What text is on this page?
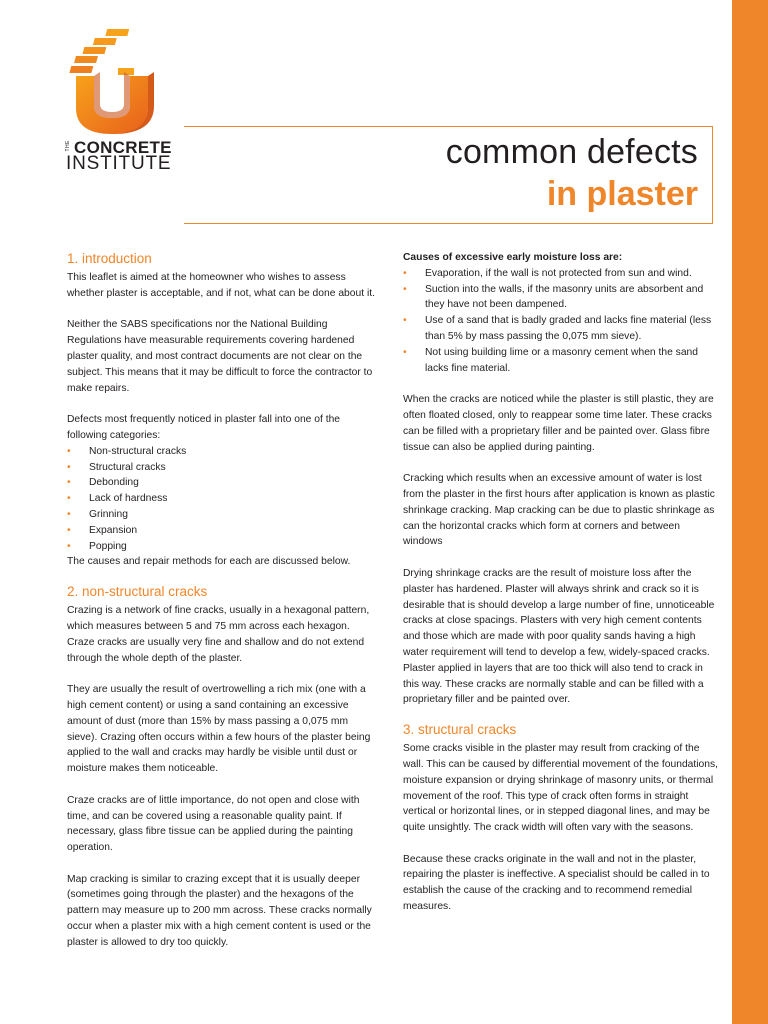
THE CONCRETE
INSTITUTE	common defects
in plaster
1. introduction

This leaflet is aimed at the homeowner who wishes to assess whether plaster is acceptable, and if not, what can be done about it.

Neither the SABS specifications nor the National Building Regulations have measurable requirements covering hardened plaster quality, and most contract documents are not clear on the subject. This means that it may be difficult to force the contractor to make repairs.

Defects most frequently noticed in plaster fall into one of the following categories:

• Non-structural cracks
• Structural cracks
• Debonding
• Lack of hardness
• Grinning
• Expansion
• Popping

The causes and repair methods for each are discussed below.

2. non-structural cracks

Crazing is a network of fine cracks, usually in a hexagonal pattern, which measures between 5 and 75 mm across each hexagon. Craze cracks are usually very fine and shallow and do not extend through the whole depth of the plaster.

They are usually the result of overtrowelling a rich mix (one with a high cement content) or using a sand containing an excessive amount of dust (more than 15% by mass passing a 0,075 mm sieve). Crazing often occurs within a few hours of the plaster being applied to the wall and cracks may hardly be visible until dust or moisture makes them noticeable.

Craze cracks are of little importance, do not open and close with time, and can be covered using a reasonable quality paint. If necessary, glass fibre tissue can be applied during the painting operation.

Map cracking is similar to crazing except that it is usually deeper (sometimes going through the plaster) and the hexagons of the pattern may measure up to 200 mm across. These cracks normally occur when a plaster mix with a high cement content is used or the plaster is allowed to dry too quickly.

Causes of excessive early moisture loss are:
• Evaporation, if the wall is not protected from sun and wind.
• Suction into the walls, if the masonry units are absorbent and they have not been dampened.
• Use of a sand that is badly graded and lacks fine material (less than 5% by mass passing the 0,075 mm sieve).
• Not using building lime or a masonry cement when the sand lacks fine material.

When the cracks are noticed while the plaster is still plastic, they are often floated closed, only to reappear some time later. These cracks can be filled with a proprietary filler and be painted over. Glass fibre tissue can also be applied during painting.

Cracking which results when an excessive amount of water is lost from the plaster in the first hours after application is known as plastic shrinkage cracking. Map cracking can be due to plastic shrinkage as can the horizontal cracks which form at corners and between windows

Drying shrinkage cracks are the result of moisture loss after the plaster has hardened. Plaster will always shrink and crack so it is desirable that is should develop a large number of fine, unnoticeable cracks at close spacings. Plasters with very high cement contents and those which are made with poor quality sands having a high water requirement will tend to develop a few, widely-spaced cracks. Plaster applied in layers that are too thick will also tend to crack in this way. These cracks are normally stable and can be filled with a proprietary filler and be painted over.

3. structural cracks

Some cracks visible in the plaster may result from cracking of the wall. This can be caused by differential movement of the foundations, moisture expansion or drying shrinkage of masonry units, or thermal movement of the roof. This type of crack often forms in straight vertical or horizontal lines, or in stepped diagonal lines, and may be quite unsightly. The crack width will often vary with the seasons.

Because these cracks originate in the wall and not in the plaster, repairing the plaster is ineffective. A specialist should be called in to establish the cause of the cracking and to recommend remedial measures.
